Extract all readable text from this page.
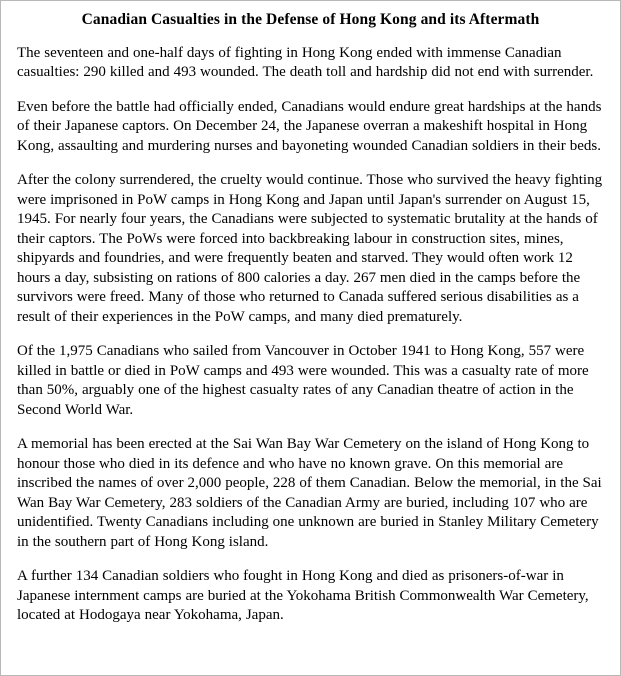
Canadian Casualties in the Defense of Hong Kong and its Aftermath

The seventeen and one-half days of fighting in Hong Kong ended with immense Canadian casualties: 290 killed and 493 wounded. The death toll and hardship did not end with surrender.

Even before the battle had officially ended, Canadians would endure great hardships at the hands of their Japanese captors. On December 24, the Japanese overran a makeshift hospital in Hong Kong, assaulting and murdering nurses and bayoneting wounded Canadian soldiers in their beds.

After the colony surrendered, the cruelty would continue. Those who survived the heavy fighting were imprisoned in PoW camps in Hong Kong and Japan until Japan's surrender on August 15, 1945. For nearly four years, the Canadians were subjected to systematic brutality at the hands of their captors. The PoWs were forced into backbreaking labour in construction sites, mines, shipyards and foundries, and were frequently beaten and starved. They would often work 12 hours a day, subsisting on rations of 800 calories a day. 267 men died in the camps before the survivors were freed. Many of those who returned to Canada suffered serious disabilities as a result of their experiences in the PoW camps, and many died prematurely.

Of the 1,975 Canadians who sailed from Vancouver in October 1941 to Hong Kong, 557 were killed in battle or died in PoW camps and 493 were wounded. This was a casualty rate of more than 50%, arguably one of the highest casualty rates of any Canadian theatre of action in the Second World War.

A memorial has been erected at the Sai Wan Bay War Cemetery on the island of Hong Kong to honour those who died in its defence and who have no known grave. On this memorial are inscribed the names of over 2,000 people, 228 of them Canadian. Below the memorial, in the Sai Wan Bay War Cemetery, 283 soldiers of the Canadian Army are buried, including 107 who are unidentified. Twenty Canadians including one unknown are buried in Stanley Military Cemetery in the southern part of Hong Kong island.

A further 134 Canadian soldiers who fought in Hong Kong and died as prisoners-of-war in Japanese internment camps are buried at the Yokohama British Commonwealth War Cemetery, located at Hodogaya near Yokohama, Japan.
